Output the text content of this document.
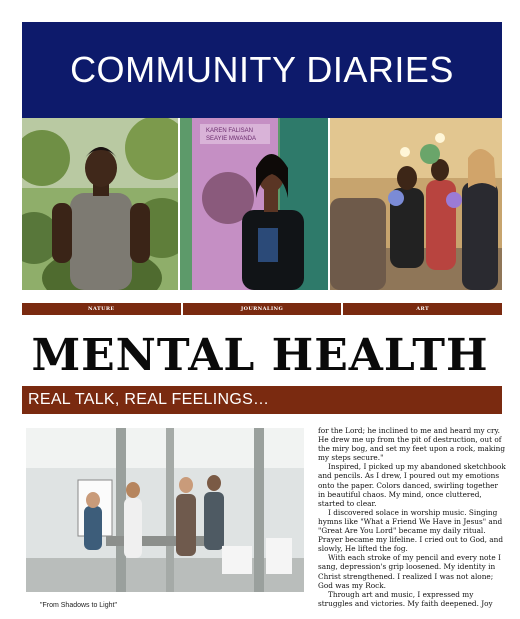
COMMUNITY DIARIES
KAREN FALISAN
SEAYIE MWANDA
NATURE	JOURNALING	ART
MENTAL HEALTH
REAL TALK, REAL FEELINGS…
"From Shadows to Light"

for the Lord; he inclined to me and heard my cry. He drew me up from the pit of destruction, out of the miry bog, and set my feet upon a rock, making my steps secure."

Inspired, I picked up my abandoned sketchbook and pencils. As I drew, I poured out my emotions onto the paper. Colors danced, swirling together in beautiful chaos. My mind, once cluttered, started to clear.

I discovered solace in worship music. Singing hymns like "What a Friend We Have in Jesus" and "Great Are You Lord" became my daily ritual. Prayer became my lifeline. I cried out to God, and slowly, He lifted the fog.

With each stroke of my pencil and every note I sang, depression's grip loosened. My identity in Christ strengthened. I realized I was not alone; God was my Rock.

Through art and music, I expressed my struggles and victories. My faith deepened. Joy
